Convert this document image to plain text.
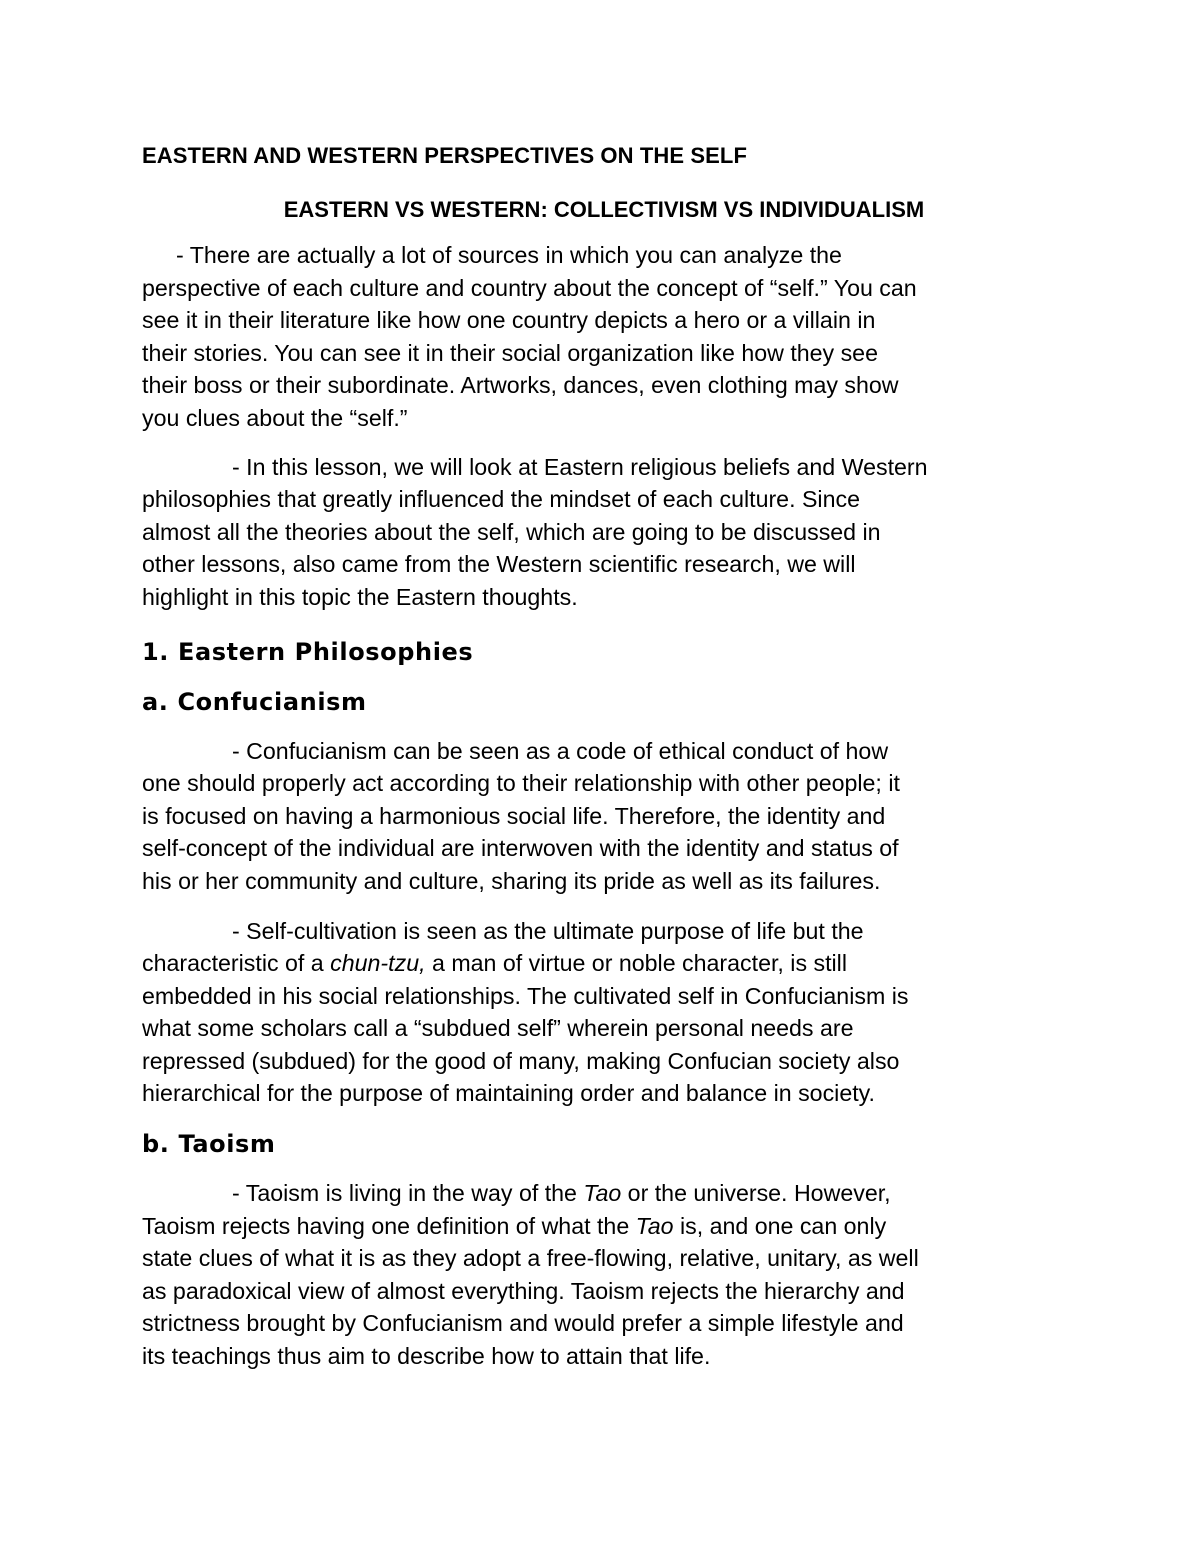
EASTERN AND WESTERN PERSPECTIVES ON THE SELF
EASTERN VS WESTERN: COLLECTIVISM VS INDIVIDUALISM

- There are actually a lot of sources in which you can analyze the
perspective of each culture and country about the concept of “self.” You can
see it in their literature like how one country depicts a hero or a villain in
their stories. You can see it in their social organization like how they see
their boss or their subordinate. Artworks, dances, even clothing may show
you clues about the “self.”

- In this lesson, we will look at Eastern religious beliefs and Western
philosophies that greatly influenced the mindset of each culture. Since
almost all the theories about the self, which are going to be discussed in
other lessons, also came from the Western scientific research, we will
highlight in this topic the Eastern thoughts.

1. Eastern Philosophies
a. Confucianism

- Confucianism can be seen as a code of ethical conduct of how
one should properly act according to their relationship with other people; it
is focused on having a harmonious social life. Therefore, the identity and
self-concept of the individual are interwoven with the identity and status of
his or her community and culture, sharing its pride as well as its failures.

- Self-cultivation is seen as the ultimate purpose of life but the
characteristic of a chun-tzu, a man of virtue or noble character, is still
embedded in his social relationships. The cultivated self in Confucianism is
what some scholars call a “subdued self” wherein personal needs are
repressed (subdued) for the good of many, making Confucian society also
hierarchical for the purpose of maintaining order and balance in society.

b. Taoism

- Taoism is living in the way of the Tao or the universe. However,
Taoism rejects having one definition of what the Tao is, and one can only
state clues of what it is as they adopt a free-flowing, relative, unitary, as well
as paradoxical view of almost everything. Taoism rejects the hierarchy and
strictness brought by Confucianism and would prefer a simple lifestyle and
its teachings thus aim to describe how to attain that life.
